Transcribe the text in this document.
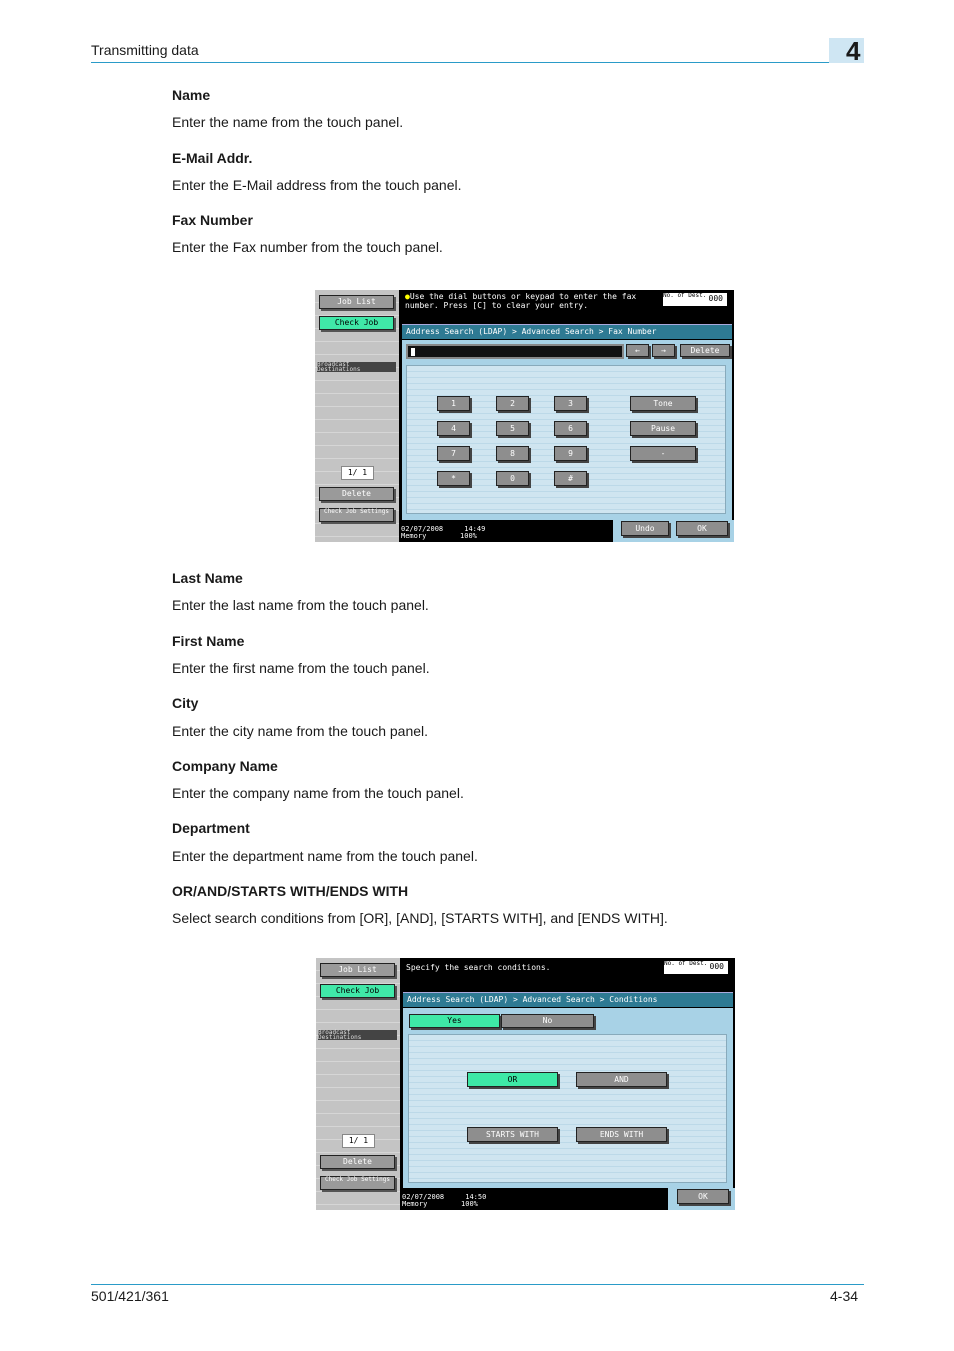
Transmitting data	4
Name
Enter the name from the touch panel.
E-Mail Addr.
Enter the E-Mail address from the touch panel.
Fax Number
Enter the Fax number from the touch panel.
Job List
Check Job
Broadcast Destinations
1/ 1
Delete
Check Job Settings
●Use the dial buttons or keypad to enter the fax number. Press [C] to clear your entry.
No. of Dest. 000
Address Search (LDAP) > Advanced Search > Fax Number
←	→	Delete
1	2	3
4	5	6
7	8	9
*	0	#
Tone
Pause
-
02/07/2008	14:49
Memory	100%
Undo	OK
Last Name
Enter the last name from the touch panel.
First Name
Enter the first name from the touch panel.
City
Enter the city name from the touch panel.
Company Name
Enter the company name from the touch panel.
Department
Enter the department name from the touch panel.
OR/AND/STARTS WITH/ENDS WITH
Select search conditions from [OR], [AND], [STARTS WITH], and [ENDS WITH].
Job List
Check Job
Broadcast Destinations
1/ 1
Delete
Check Job Settings
Specify the search conditions.	No. of Dest. 000
Address Search (LDAP) > Advanced Search > Conditions
Yes	No
OR	AND
STARTS WITH	ENDS WITH
02/07/2008	14:50
Memory	100%
OK
501/421/361	4-34
